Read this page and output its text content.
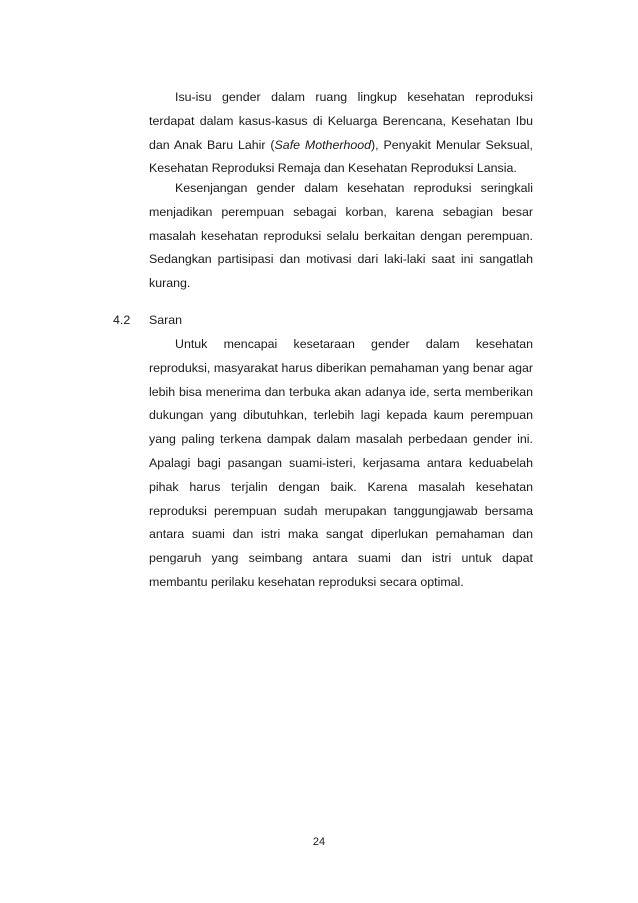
Isu-isu gender dalam ruang lingkup kesehatan reproduksi terdapat dalam kasus-kasus di Keluarga Berencana, Kesehatan Ibu dan Anak Baru Lahir (Safe Motherhood), Penyakit Menular Seksual, Kesehatan Reproduksi Remaja dan Kesehatan Reproduksi Lansia.

Kesenjangan gender dalam kesehatan reproduksi seringkali menjadikan perempuan sebagai korban, karena sebagian besar masalah kesehatan reproduksi selalu berkaitan dengan perempuan. Sedangkan partisipasi dan motivasi dari laki-laki saat ini sangatlah kurang.

4.2 Saran

Untuk mencapai kesetaraan gender dalam kesehatan reproduksi, masyarakat harus diberikan pemahaman yang benar agar lebih bisa menerima dan terbuka akan adanya ide, serta memberikan dukungan yang dibutuhkan, terlebih lagi kepada kaum perempuan yang paling terkena dampak dalam masalah perbedaan gender ini. Apalagi bagi pasangan suami-isteri, kerjasama antara keduabelah pihak harus terjalin dengan baik. Karena masalah kesehatan reproduksi perempuan sudah merupakan tanggungjawab bersama antara suami dan istri maka sangat diperlukan pemahaman dan pengaruh yang seimbang antara suami dan istri untuk dapat membantu perilaku kesehatan reproduksi secara optimal.

24
